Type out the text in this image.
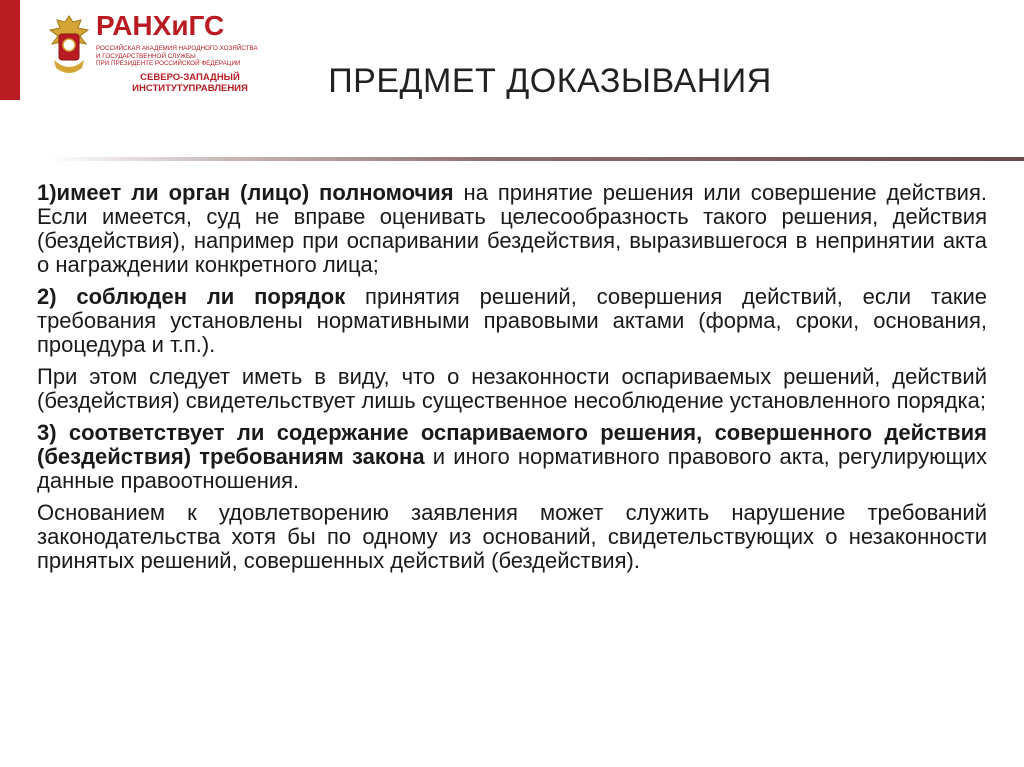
РАНХиГС
РОССИЙСКАЯ АКАДЕМИЯ НАРОДНОГО ХОЗЯЙСТВА
И ГОСУДАРСТВЕННОЙ СЛУЖБЫ
ПРИ ПРЕЗИДЕНТЕ РОССИЙСКОЙ ФЕДЕРАЦИИ
СЕВЕРО-ЗАПАДНЫЙ
ИНСТИТУТУПРАВЛЕНИЯ	ПРЕДМЕТ ДОКАЗЫВАНИЯ

1)имеет ли орган (лицо) полномочия на принятие решения или совершение действия. Если имеется, суд не вправе оценивать целесообразность такого решения, действия (бездействия), например при оспаривании бездействия, выразившегося в непринятии акта о награждении конкретного лица;

2) соблюден ли порядок принятия решений, совершения действий, если такие требования установлены нормативными правовыми актами (форма, сроки, основания, процедура и т.п.).

При этом следует иметь в виду, что о незаконности оспариваемых решений, действий (бездействия) свидетельствует лишь существенное несоблюдение установленного порядка;

3) соответствует ли содержание оспариваемого решения, совершенного действия (бездействия) требованиям закона и иного нормативного правового акта, регулирующих данные правоотношения.

Основанием к удовлетворению заявления может служить нарушение требований законодательства хотя бы по одному из оснований, свидетельствующих о незаконности принятых решений, совершенных действий (бездействия).
